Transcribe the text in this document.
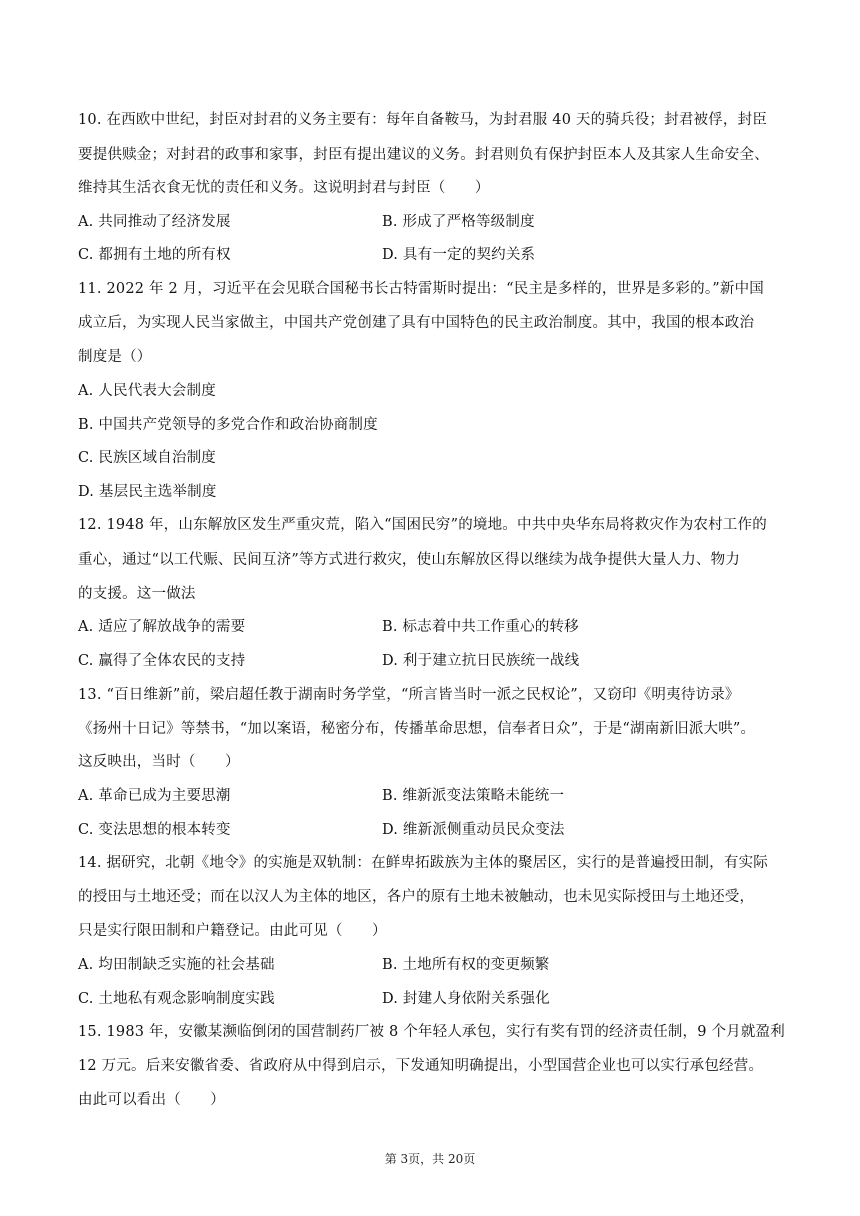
10. 在西欧中世纪，封臣对封君的义务主要有：每年自备鞍马，为封君服 40 天的骑兵役；封君被俘，封臣
要提供赎金；对封君的政事和家事，封臣有提出建议的义务。封君则负有保护封臣本人及其家人生命安全、
维持其生活衣食无忧的责任和义务。这说明封君与封臣（　　）
A. 共同推动了经济发展	B. 形成了严格等级制度
C. 都拥有土地的所有权	D. 具有一定的契约关系
11. 2022 年 2 月，习近平在会见联合国秘书长古特雷斯时提出：“民主是多样的，世界是多彩的。”新中国
成立后，为实现人民当家做主，中国共产党创建了具有中国特色的民主政治制度。其中，我国的根本政治
制度是（）
A. 人民代表大会制度
B. 中国共产党领导的多党合作和政治协商制度
C. 民族区域自治制度
D. 基层民主选举制度
12. 1948 年，山东解放区发生严重灾荒，陷入“国困民穷”的境地。中共中央华东局将救灾作为农村工作的
重心，通过“以工代赈、民间互济”等方式进行救灾，使山东解放区得以继续为战争提供大量人力、物力
的支援。这一做法
A. 适应了解放战争的需要	B. 标志着中共工作重心的转移
C. 赢得了全体农民的支持	D. 利于建立抗日民族统一战线
13. “百日维新”前，梁启超任教于湖南时务学堂，“所言皆当时一派之民权论”，又窃印《明夷待访录》
《扬州十日记》等禁书，“加以案语，秘密分布，传播革命思想，信奉者日众”，于是“湖南新旧派大哄”。
这反映出，当时（　　）
A. 革命已成为主要思潮	B. 维新派变法策略未能统一
C. 变法思想的根本转变	D. 维新派侧重动员民众变法
14. 据研究，北朝《地令》的实施是双轨制：在鲜卑拓跋族为主体的聚居区，实行的是普遍授田制，有实际
的授田与土地还受；而在以汉人为主体的地区，各户的原有土地未被触动，也未见实际授田与土地还受，
只是实行限田制和户籍登记。由此可见（　　）
A. 均田制缺乏实施的社会基础	B. 土地所有权的变更频繁
C. 土地私有观念影响制度实践	D. 封建人身依附关系强化
15. 1983 年，安徽某濒临倒闭的国营制药厂被 8 个年轻人承包，实行有奖有罚的经济责任制，9 个月就盈利
12 万元。后来安徽省委、省政府从中得到启示，下发通知明确提出，小型国营企业也可以实行承包经营。
由此可以看出（　　）
第 3页，共 20页
